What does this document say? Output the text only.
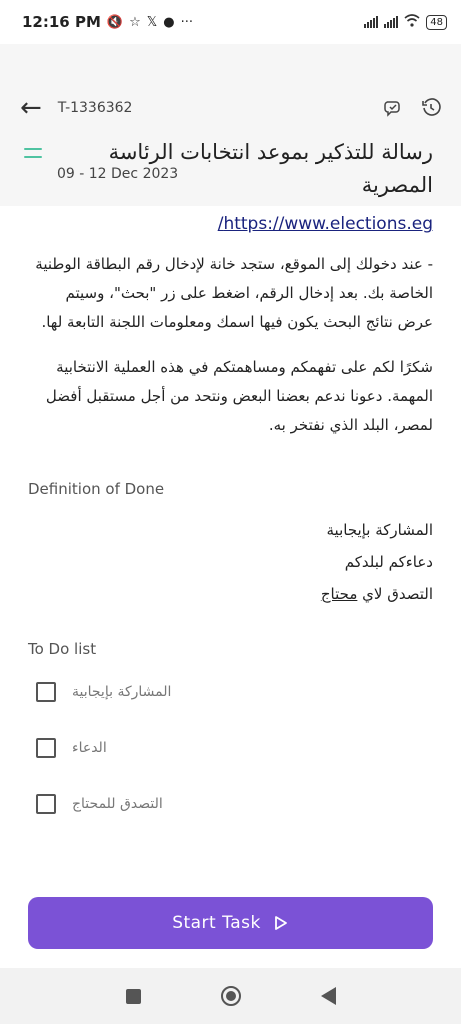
12:16 PM 🔇 ☆ 𝕏 ● ···	48
← T-1336362
رسالة للتذكير بموعد انتخابات الرئاسة المصرية
09 - 12 Dec 2023
https://www.elections.eg/
- عند دخولك إلى الموقع، ستجد خانة لإدخال رقم البطاقة الوطنية الخاصة بك. بعد إدخال الرقم، اضغط على زر "بحث"، وسيتم عرض نتائج البحث يكون فيها اسمك ومعلومات اللجنة التابعة لها.
شكرًا لكم على تفهمكم ومساهمتكم في هذه العملية الانتخابية المهمة. دعونا ندعم بعضنا البعض ونتحد من أجل مستقبل أفضل لمصر، البلد الذي نفتخر به.
Definition of Done
المشاركة بإيجابية
دعاءكم لبلدكم
التصدق لاي محتاج
To Do list
المشاركة بإيجابية
الدعاء
التصدق للمحتاج
Start Task
